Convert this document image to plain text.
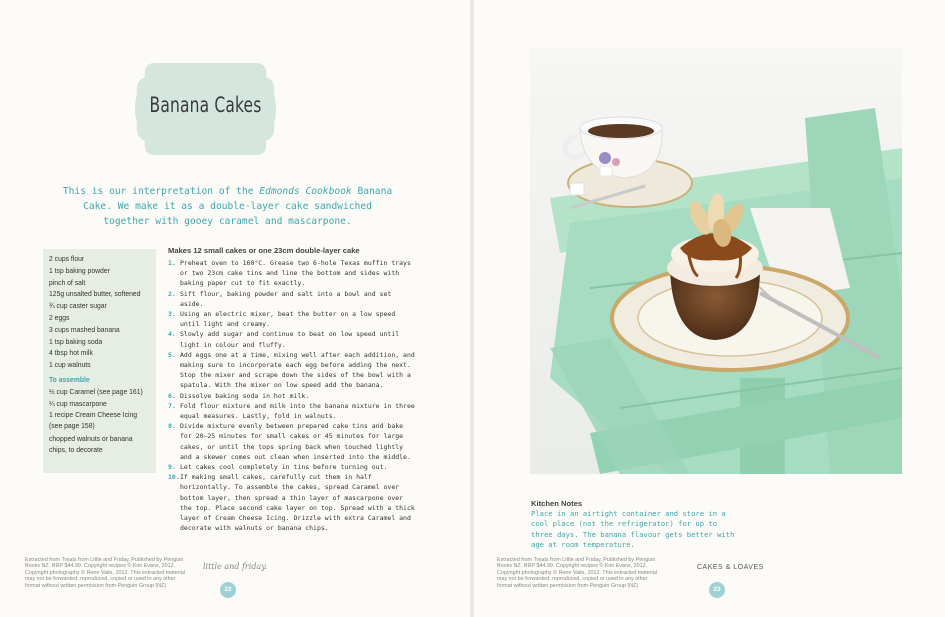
Banana Cakes
This is our interpretation of the Edmonds Cookbook Banana Cake. We make it as a double-layer cake sandwiched together with gooey caramel and mascarpone.
2 cups flour
1 tsp baking powder
pinch of salt
125g unsalted butter, softened
¾ cup caster sugar
2 eggs
3 cups mashed banana
1 tsp baking soda
4 tbsp hot milk
1 cup walnuts
To assemble
½ cup Caramel (see page 161)
¼ cup mascarpone
1 recipe Cream Cheese Icing (see page 158)
chopped walnuts or banana chips, to decorate
Makes 12 small cakes or one 23cm double-layer cake
1. Preheat oven to 160°C. Grease two 6-hole Texas muffin trays or two 23cm cake tins and line the bottom and sides with baking paper cut to fit exactly.
2. Sift flour, baking powder and salt into a bowl and set aside.
3. Using an electric mixer, beat the butter on a low speed until light and creamy.
4. Slowly add sugar and continue to beat on low speed until light in colour and fluffy.
5. Add eggs one at a time, mixing well after each addition, and making sure to incorporate each egg before adding the next. Stop the mixer and scrape down the sides of the bowl with a spatula. With the mixer on low speed add the banana.
6. Dissolve baking soda in hot milk.
7. Fold flour mixture and milk into the banana mixture in three equal measures. Lastly, fold in walnuts.
8. Divide mixture evenly between prepared cake tins and bake for 20–25 minutes for small cakes or 45 minutes for large cakes, or until the tops spring back when touched lightly and a skewer comes out clean when inserted into the middle.
9. Let cakes cool completely in tins before turning out.
10. If making small cakes, carefully cut them in half horizontally. To assemble the cakes, spread Caramel over bottom layer, then spread a thin layer of mascarpone over the top. Place second cake layer on top. Spread with a thick layer of Cream Cheese Icing. Drizzle with extra Caramel and decorate with walnuts or banana chips.
Extracted from Treats from Little and Friday. Published by Penguin Books NZ. RRP $44.99. Copyright recipes © Kim Evans, 2012. Copyright photography © Rene Vaile, 2012. This extracted material may not be forwarded, reproduced, copied or used in any other format without written permission from Penguin Group (NZ)
little and friday.
22
Kitchen Notes
Place in an airtight container and store in a cool place (not the refrigerator) for up to three days. The banana flavour gets better with age at room temperature.
Extracted from Treats from Little and Friday. Published by Penguin Books NZ. RRP $44.99. Copyright recipes © Kim Evans, 2012. Copyright photography © Rene Vaile, 2012. This extracted material may not be forwarded, reproduced, copied or used in any other format without written permission from Penguin Group (NZ)
CAKES & LOAVES
23
